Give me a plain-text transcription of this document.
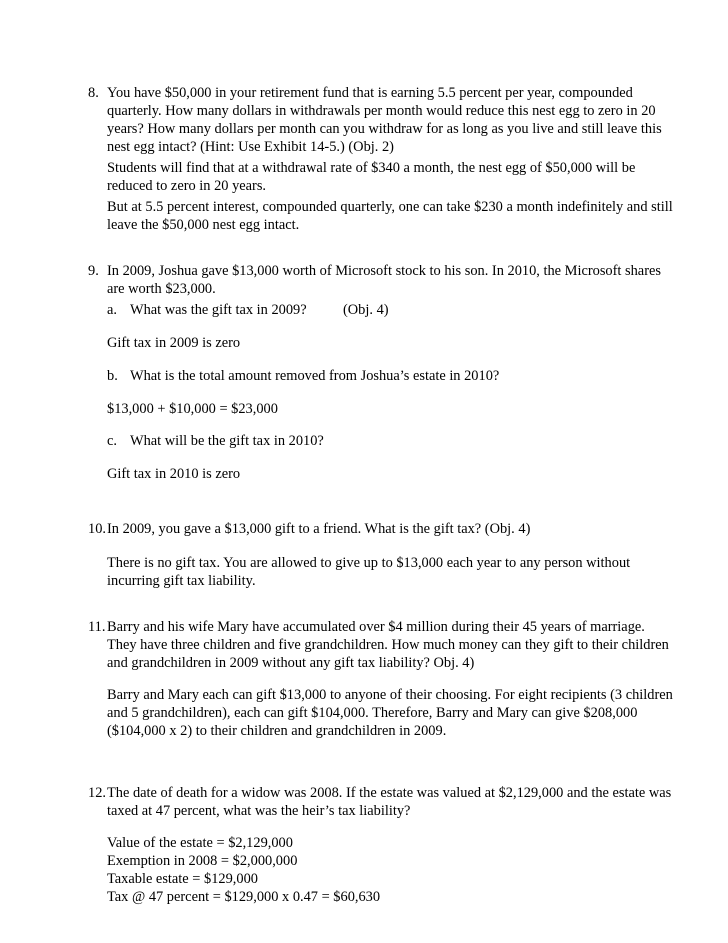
8. You have $50,000 in your retirement fund that is earning 5.5 percent per year, compounded
quarterly. How many dollars in withdrawals per month would reduce this nest egg to zero in 20
years? How many dollars per month can you withdraw for as long as you live and still leave this
nest egg intact? (Hint: Use Exhibit 14-5.) (Obj. 2)
Students will find that at a withdrawal rate of $340 a month, the nest egg of $50,000 will be
reduced to zero in 20 years.
But at 5.5 percent interest, compounded quarterly, one can take $230 a month indefinitely and still
leave the $50,000 nest egg intact.
9. In 2009, Joshua gave $13,000 worth of Microsoft stock to his son. In 2010, the Microsoft shares
are worth $23,000.
a. What was the gift tax in 2009?	(Obj. 4)
Gift tax in 2009 is zero
b. What is the total amount removed from Joshua’s estate in 2010?
$13,000 + $10,000 = $23,000
c. What will be the gift tax in 2010?
Gift tax in 2010 is zero
10. In 2009, you gave a $13,000 gift to a friend. What is the gift tax? (Obj. 4)
There is no gift tax. You are allowed to give up to $13,000 each year to any person without
incurring gift tax liability.
11. Barry and his wife Mary have accumulated over $4 million during their 45 years of marriage.
They have three children and five grandchildren. How much money can they gift to their children
and grandchildren in 2009 without any gift tax liability? Obj. 4)
Barry and Mary each can gift $13,000 to anyone of their choosing. For eight recipients (3 children
and 5 grandchildren), each can gift $104,000. Therefore, Barry and Mary can give $208,000
($104,000 x 2) to their children and grandchildren in 2009.
12. The date of death for a widow was 2008. If the estate was valued at $2,129,000 and the estate was
taxed at 47 percent, what was the heir’s tax liability?
Value of the estate = $2,129,000
Exemption in 2008 = $2,000,000
Taxable estate = $129,000
Tax @ 47 percent = $129,000 x 0.47 = $60,630
